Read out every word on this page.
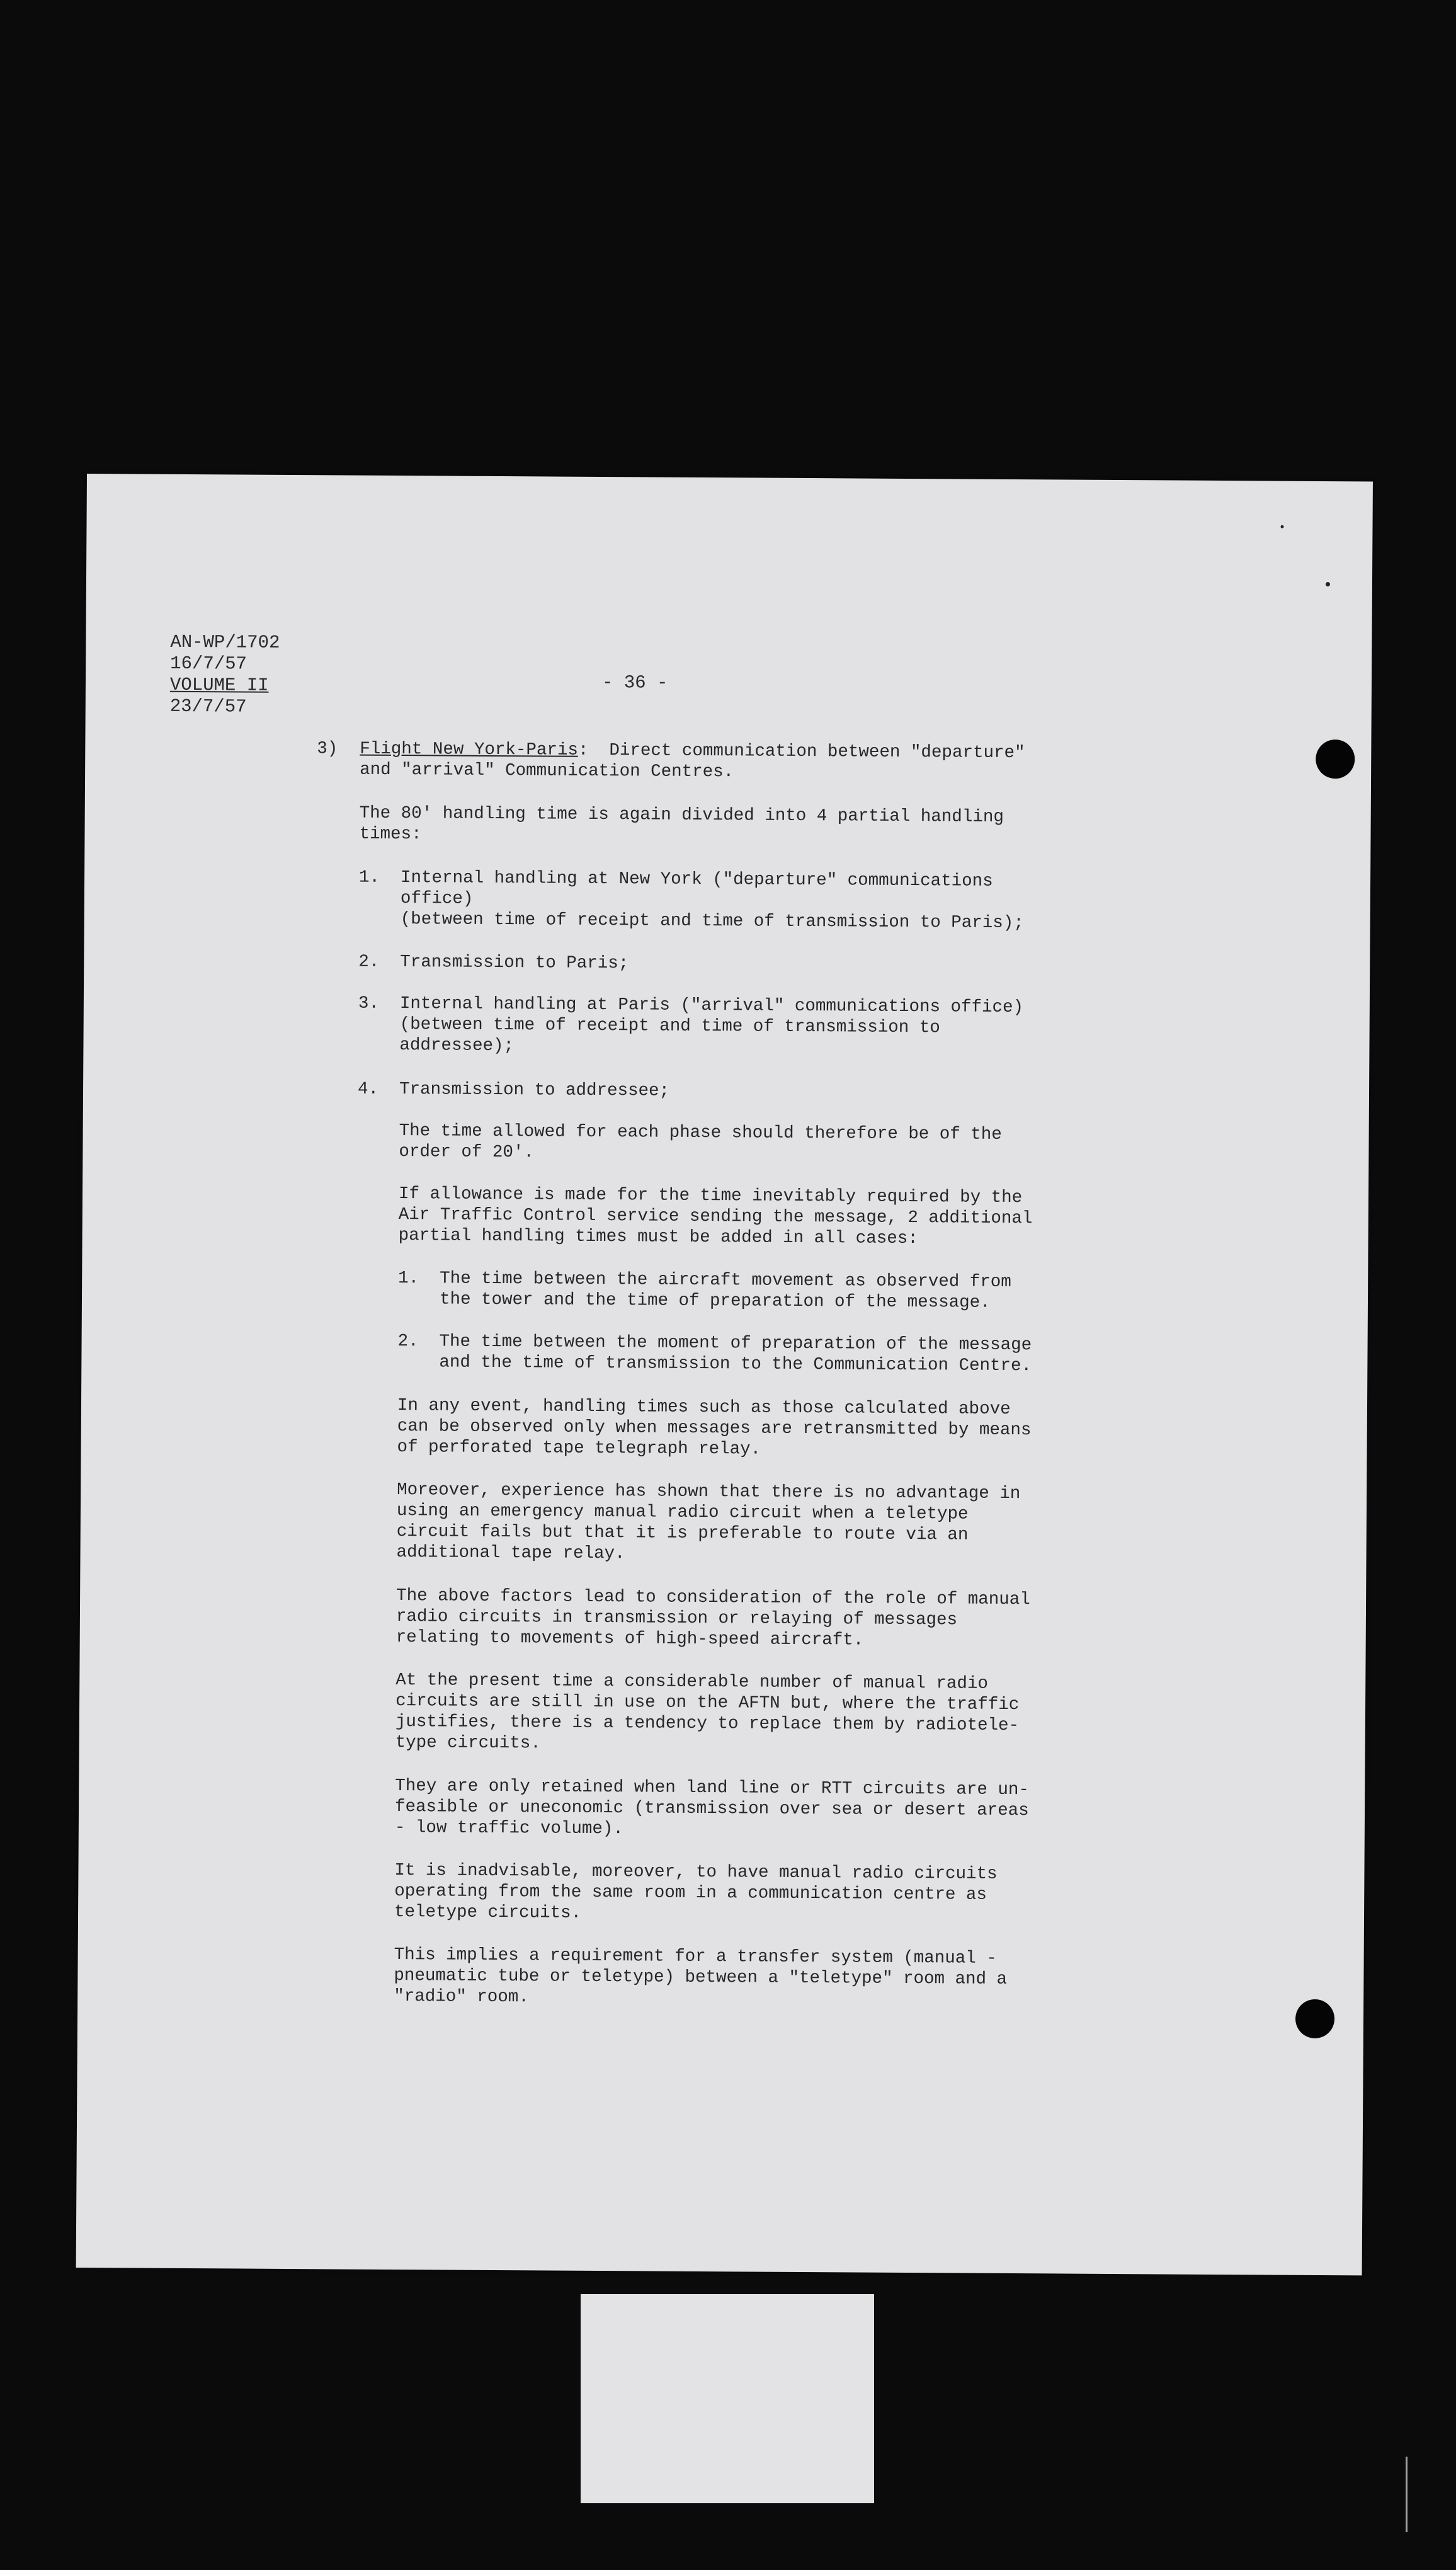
AN-WP/1702
16/7/57
VOLUME II
23/7/57
- 36 -
3) Flight New York-Paris:  Direct communication between "departure"
and "arrival" Communication Centres.
The 80' handling time is again divided into 4 partial handling
times:
1. Internal handling at New York ("departure" communications
office)
(between time of receipt and time of transmission to Paris);
2. Transmission to Paris;
3. Internal handling at Paris ("arrival" communications office)
(between time of receipt and time of transmission to
addressee);
4. Transmission to addressee;
The time allowed for each phase should therefore be of the
order of 20'.
If allowance is made for the time inevitably required by the
Air Traffic Control service sending the message, 2 additional
partial handling times must be added in all cases:
1. The time between the aircraft movement as observed from
the tower and the time of preparation of the message.
2. The time between the moment of preparation of the message
and the time of transmission to the Communication Centre.
In any event, handling times such as those calculated above
can be observed only when messages are retransmitted by means
of perforated tape telegraph relay.
Moreover, experience has shown that there is no advantage in
using an emergency manual radio circuit when a teletype
circuit fails but that it is preferable to route via an
additional tape relay.
The above factors lead to consideration of the role of manual
radio circuits in transmission or relaying of messages
relating to movements of high-speed aircraft.
At the present time a considerable number of manual radio
circuits are still in use on the AFTN but, where the traffic
justifies, there is a tendency to replace them by radiotele-
type circuits.
They are only retained when land line or RTT circuits are un-
feasible or uneconomic (transmission over sea or desert areas
- low traffic volume).
It is inadvisable, moreover, to have manual radio circuits
operating from the same room in a communication centre as
teletype circuits.
This implies a requirement for a transfer system (manual -
pneumatic tube or teletype) between a "teletype" room and a
"radio" room.
